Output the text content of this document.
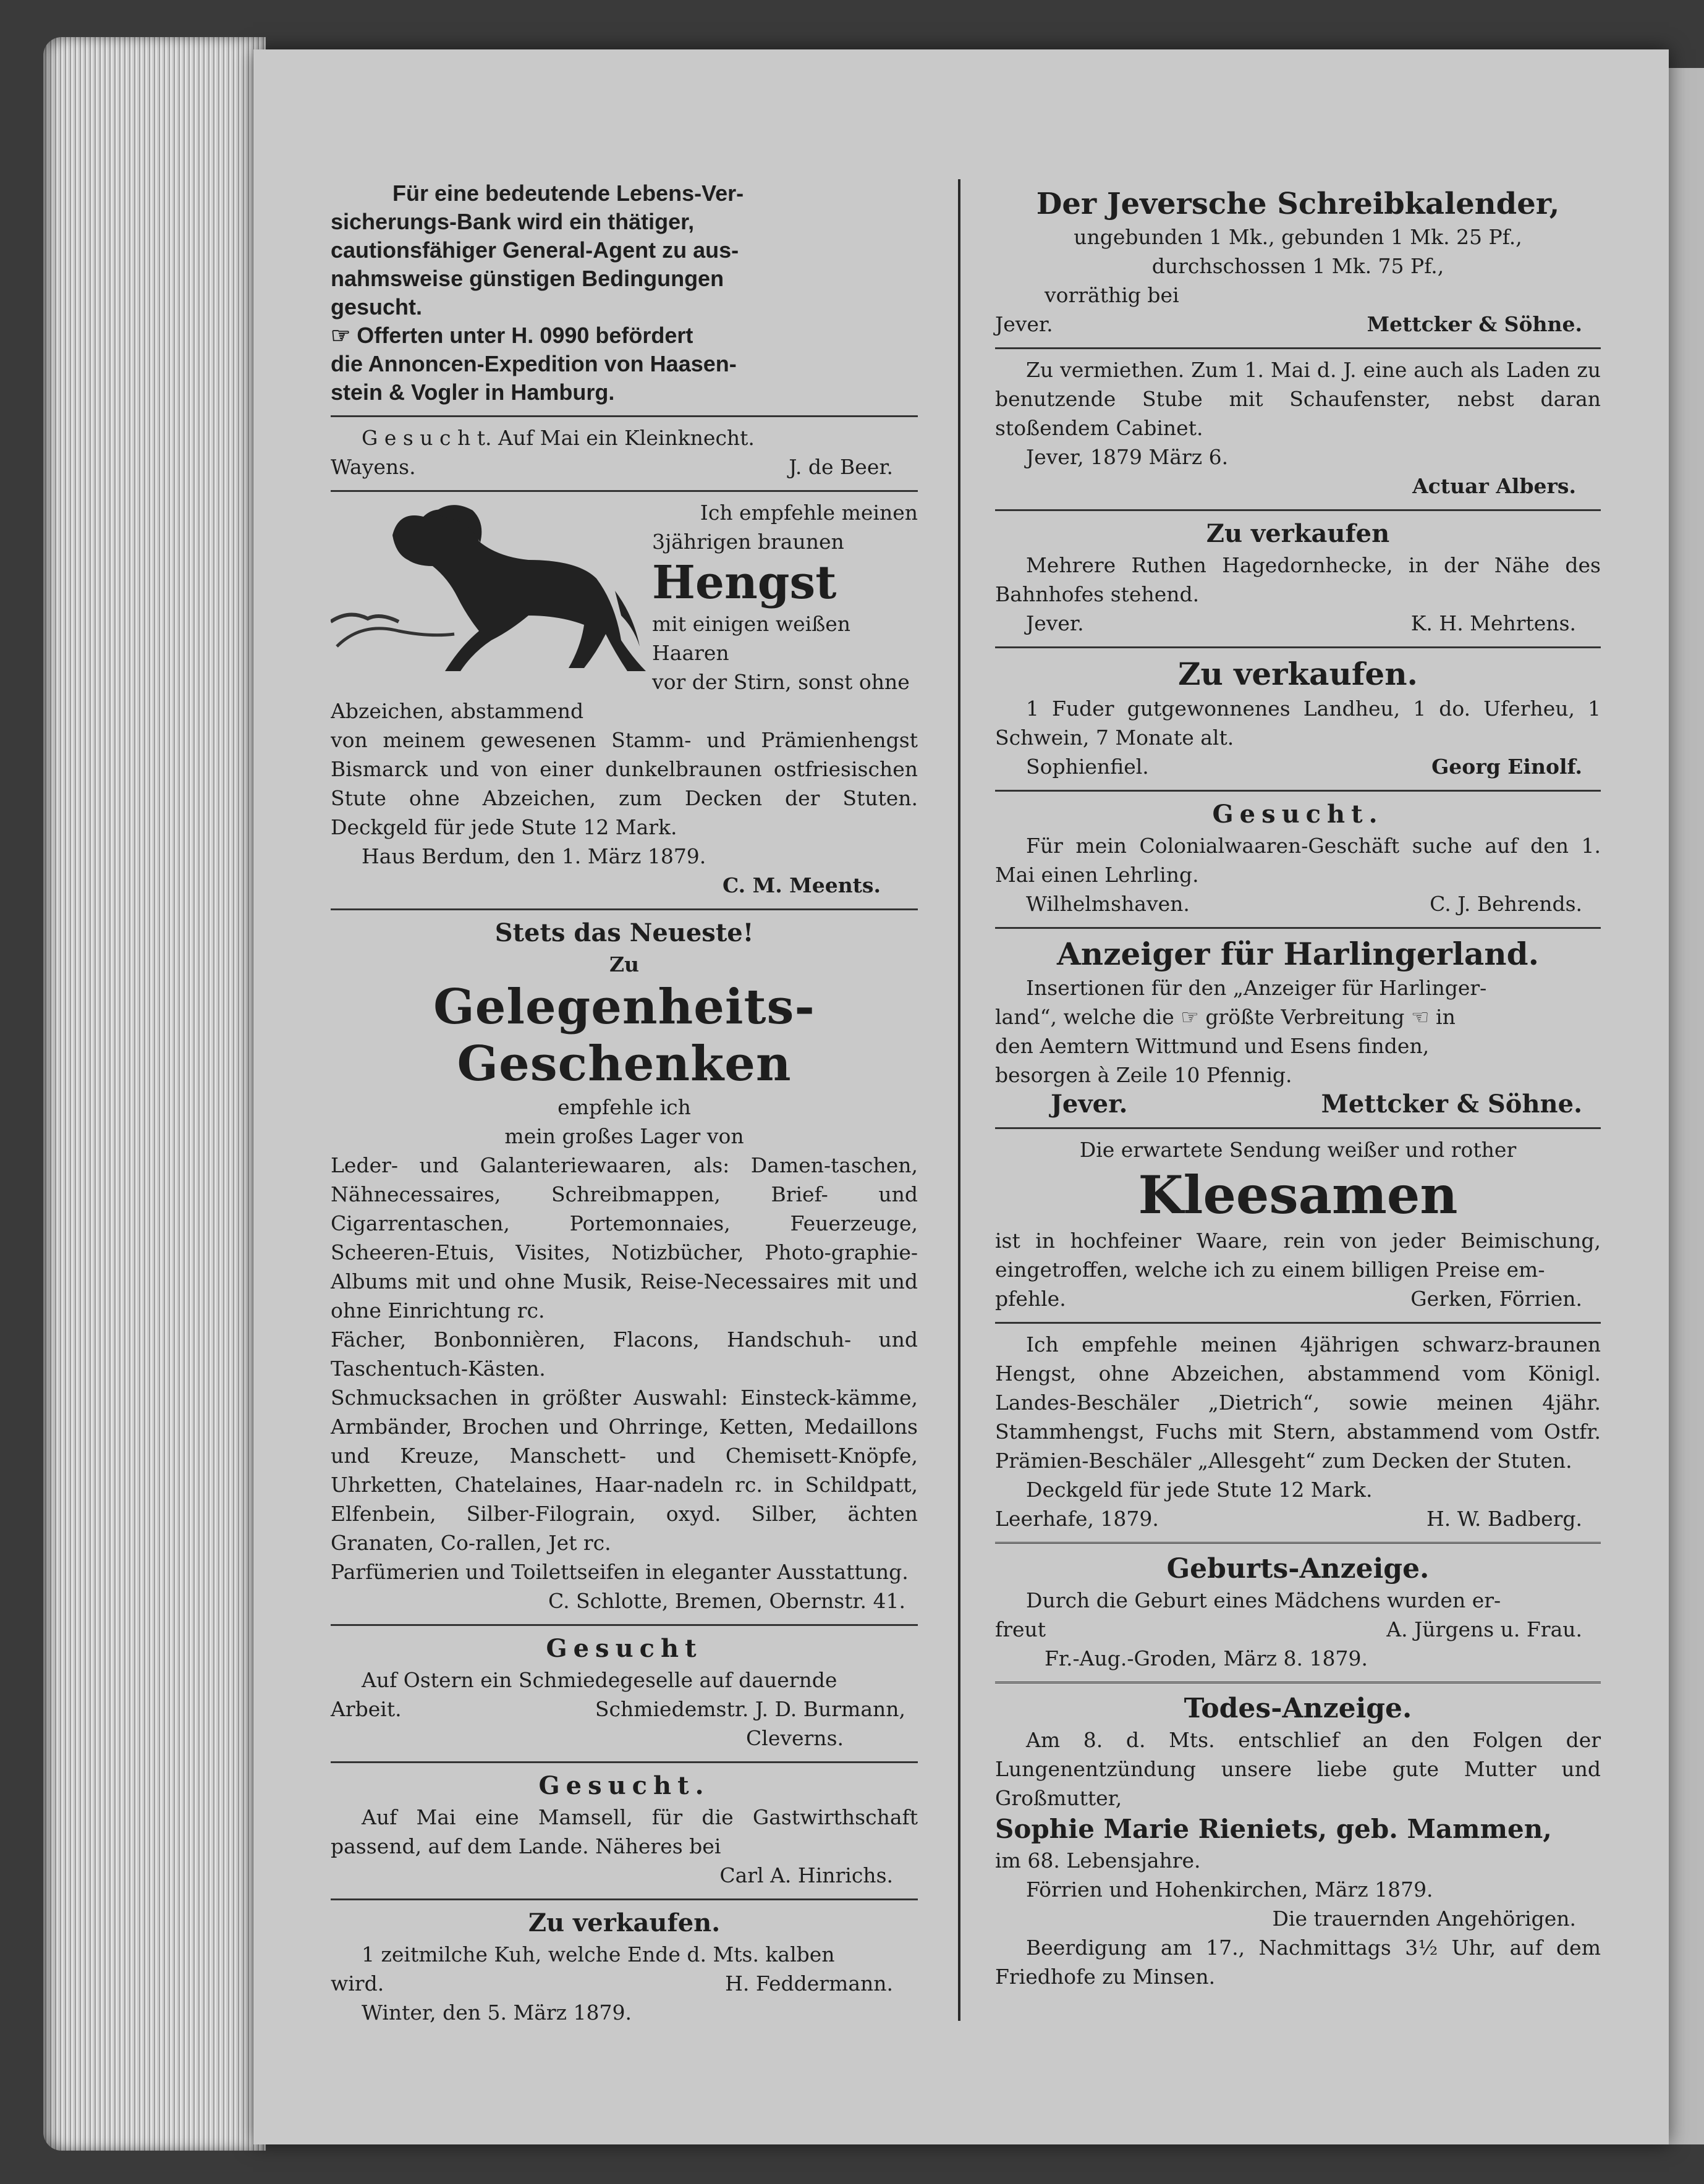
Für eine bedeutende Lebens-Ver-
sicherungs-Bank wird ein thätiger,
cautionsfähiger General-Agent zu aus-
nahmsweise günstigen Bedingungen
gesucht.
☞ Offerten unter H. 0990 befördert
die Annoncen-Expedition von Haasen-
stein & Vogler in Hamburg.

G e s u c h t. Auf Mai ein Kleinknecht.

Wayens.	J. de Beer.
Ich empfehle meinen
3jährigen braunen
Hengst
mit einigen weißen Haaren
vor der Stirn, sonst ohne
Abzeichen, abstammend

von meinem gewesenen Stamm- und Prämienhengst Bismarck und von einer dunkelbraunen ostfriesischen Stute ohne Abzeichen, zum Decken der Stuten. Deckgeld für jede Stute 12 Mark.

Haus Berdum, den 1. März 1879.

C. M. Meents.

Stets das Neueste!
Zu
Gelegenheits-Geschenken
empfehle ich
mein großes Lager von

Leder- und Galanteriewaaren, als: Damen-taschen, Nähnecessaires, Schreibmappen, Brief- und Cigarrentaschen, Portemonnaies, Feuerzeuge, Scheeren-Etuis, Visites, Notizbücher, Photo-graphie-Albums mit und ohne Musik, Reise-Necessaires mit und ohne Einrichtung rc.

Fächer, Bonbonnièren, Flacons, Handschuh- und Taschentuch-Kästen.

Schmucksachen in größter Auswahl: Einsteck-kämme, Armbänder, Brochen und Ohrringe, Ketten, Medaillons und Kreuze, Manschett- und Chemisett-Knöpfe, Uhrketten, Chatelaines, Haar-nadeln rc. in Schildpatt, Elfenbein, Silber-Filograin, oxyd. Silber, ächten Granaten, Co-rallen, Jet rc.

Parfümerien und Toilettseifen in eleganter Ausstattung.

C. Schlotte, Bremen, Obernstr. 41.

Gesucht

Auf Ostern ein Schmiedegeselle auf dauernde

Arbeit.	Schmiedemstr. J. D. Burmann,

Cleverns.

Gesucht.

Auf Mai eine Mamsell, für die Gastwirthschaft passend, auf dem Lande. Näheres bei

Carl A. Hinrichs.

Zu verkaufen.

1 zeitmilche Kuh, welche Ende d. Mts. kalben

wird.	H. Feddermann.

Winter, den 5. März 1879.

Der Jeversche Schreibkalender,
ungebunden 1 Mk., gebunden 1 Mk. 25 Pf.,
durchschossen 1 Mk. 75 Pf.,
vorräthig bei
Jever.	Mettcker & Söhne.

Zu vermiethen. Zum 1. Mai d. J. eine auch als Laden zu benutzende Stube mit Schaufenster, nebst daran stoßendem Cabinet.

Jever, 1879 März 6.

Actuar Albers.

Zu verkaufen

Mehrere Ruthen Hagedornhecke, in der Nähe des Bahnhofes stehend.

Jever.	K. H. Mehrtens.
Zu verkaufen.

1 Fuder gutgewonnenes Landheu, 1 do. Uferheu, 1 Schwein, 7 Monate alt.

Sophienfiel.	Georg Einolf.
Gesucht.

Für mein Colonialwaaren-Geschäft suche auf den 1. Mai einen Lehrling.

Wilhelmshaven.	C. J. Behrends.
Anzeiger für Harlingerland.

Insertionen für den „Anzeiger für Harlinger-

land“, welche die ☞ größte Verbreitung ☜ in

den Aemtern Wittmund und Esens finden,

besorgen à Zeile 10 Pfennig.

Jever.	Mettcker & Söhne.
Die erwartete Sendung weißer und rother
Kleesamen

ist in hochfeiner Waare, rein von jeder Beimischung, eingetroffen, welche ich zu einem billigen Preise em-

pfehle.	Gerken, Förrien.

Ich empfehle meinen 4jährigen schwarz-braunen Hengst, ohne Abzeichen, abstammend vom Königl. Landes-Beschäler „Dietrich“, sowie meinen 4jähr. Stammhengst, Fuchs mit Stern, abstammend vom Ostfr. Prämien-Beschäler „Allesgeht“ zum Decken der Stuten.

Deckgeld für jede Stute 12 Mark.

Leerhafe, 1879.	H. W. Badberg.
Geburts-Anzeige.

Durch die Geburt eines Mädchens wurden er-

freut	A. Jürgens u. Frau.

Fr.-Aug.-Groden, März 8. 1879.

Todes-Anzeige.

Am 8. d. Mts. entschlief an den Folgen der Lungenentzündung unsere liebe gute Mutter und Großmutter,

Sophie Marie Rieniets, geb. Mammen,

im 68. Lebensjahre.

Förrien und Hohenkirchen, März 1879.

Die trauernden Angehörigen.

Beerdigung am 17., Nachmittags 3½ Uhr, auf dem Friedhofe zu Minsen.
